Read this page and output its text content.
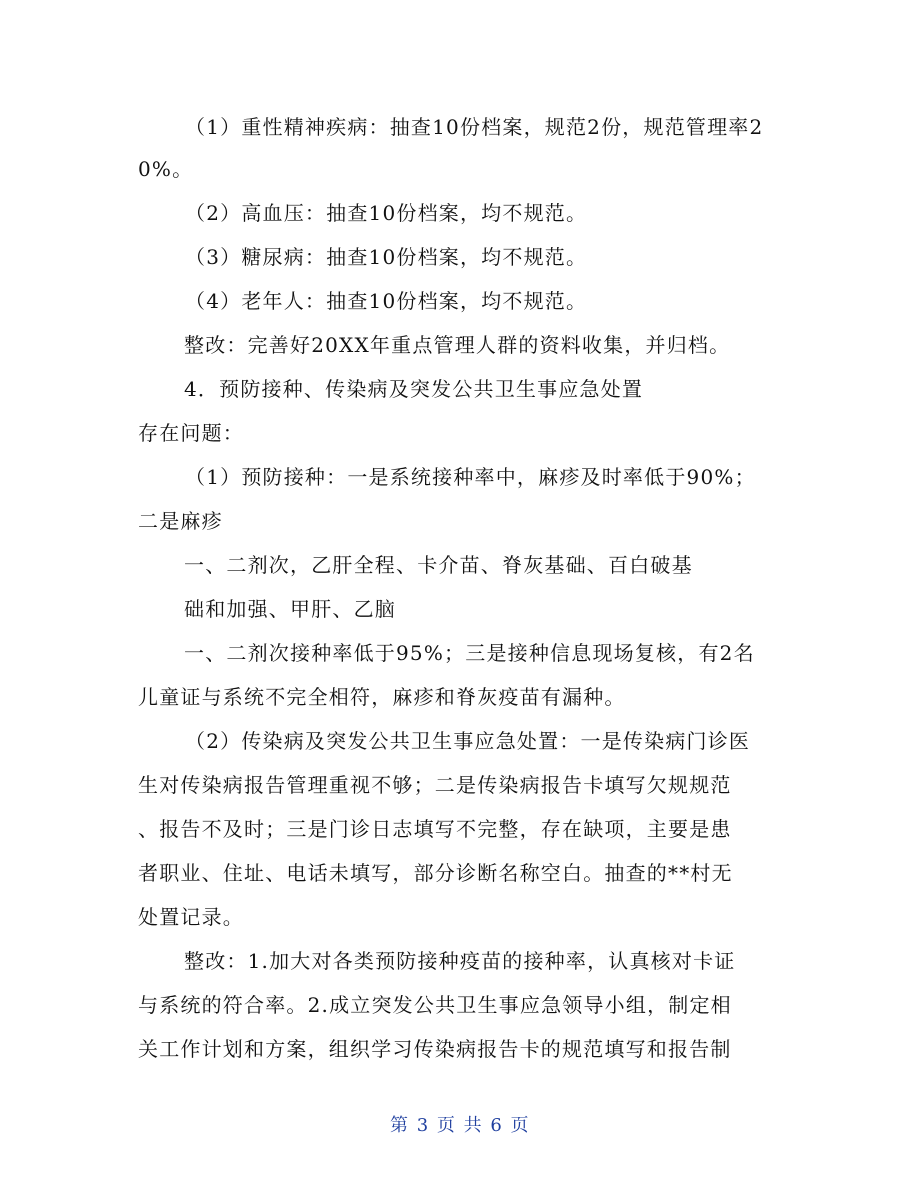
（1）重性精神疾病：抽查10份档案，规范2份，规范管理率2
0%。
（2）高血压：抽查10份档案，均不规范。
（3）糖尿病：抽查10份档案，均不规范。
（4）老年人：抽查10份档案，均不规范。
整改：完善好20XX年重点管理人群的资料收集，并归档。
4．预防接种、传染病及突发公共卫生事应急处置
存在问题：
（1）预防接种：一是系统接种率中，麻疹及时率低于90%；
二是麻疹
一、二剂次，乙肝全程、卡介苗、脊灰基础、百白破基
础和加强、甲肝、乙脑
一、二剂次接种率低于95%；三是接种信息现场复核，有2名
儿童证与系统不完全相符，麻疹和脊灰疫苗有漏种。
（2）传染病及突发公共卫生事应急处置：一是传染病门诊医
生对传染病报告管理重视不够；二是传染病报告卡填写欠规规范
、报告不及时；三是门诊日志填写不完整，存在缺项，主要是患
者职业、住址、电话未填写，部分诊断名称空白。抽查的**村无
处置记录。
整改：1.加大对各类预防接种疫苗的接种率，认真核对卡证
与系统的符合率。2.成立突发公共卫生事应急领导小组，制定相
关工作计划和方案，组织学习传染病报告卡的规范填写和报告制
第 3 页 共 6 页
